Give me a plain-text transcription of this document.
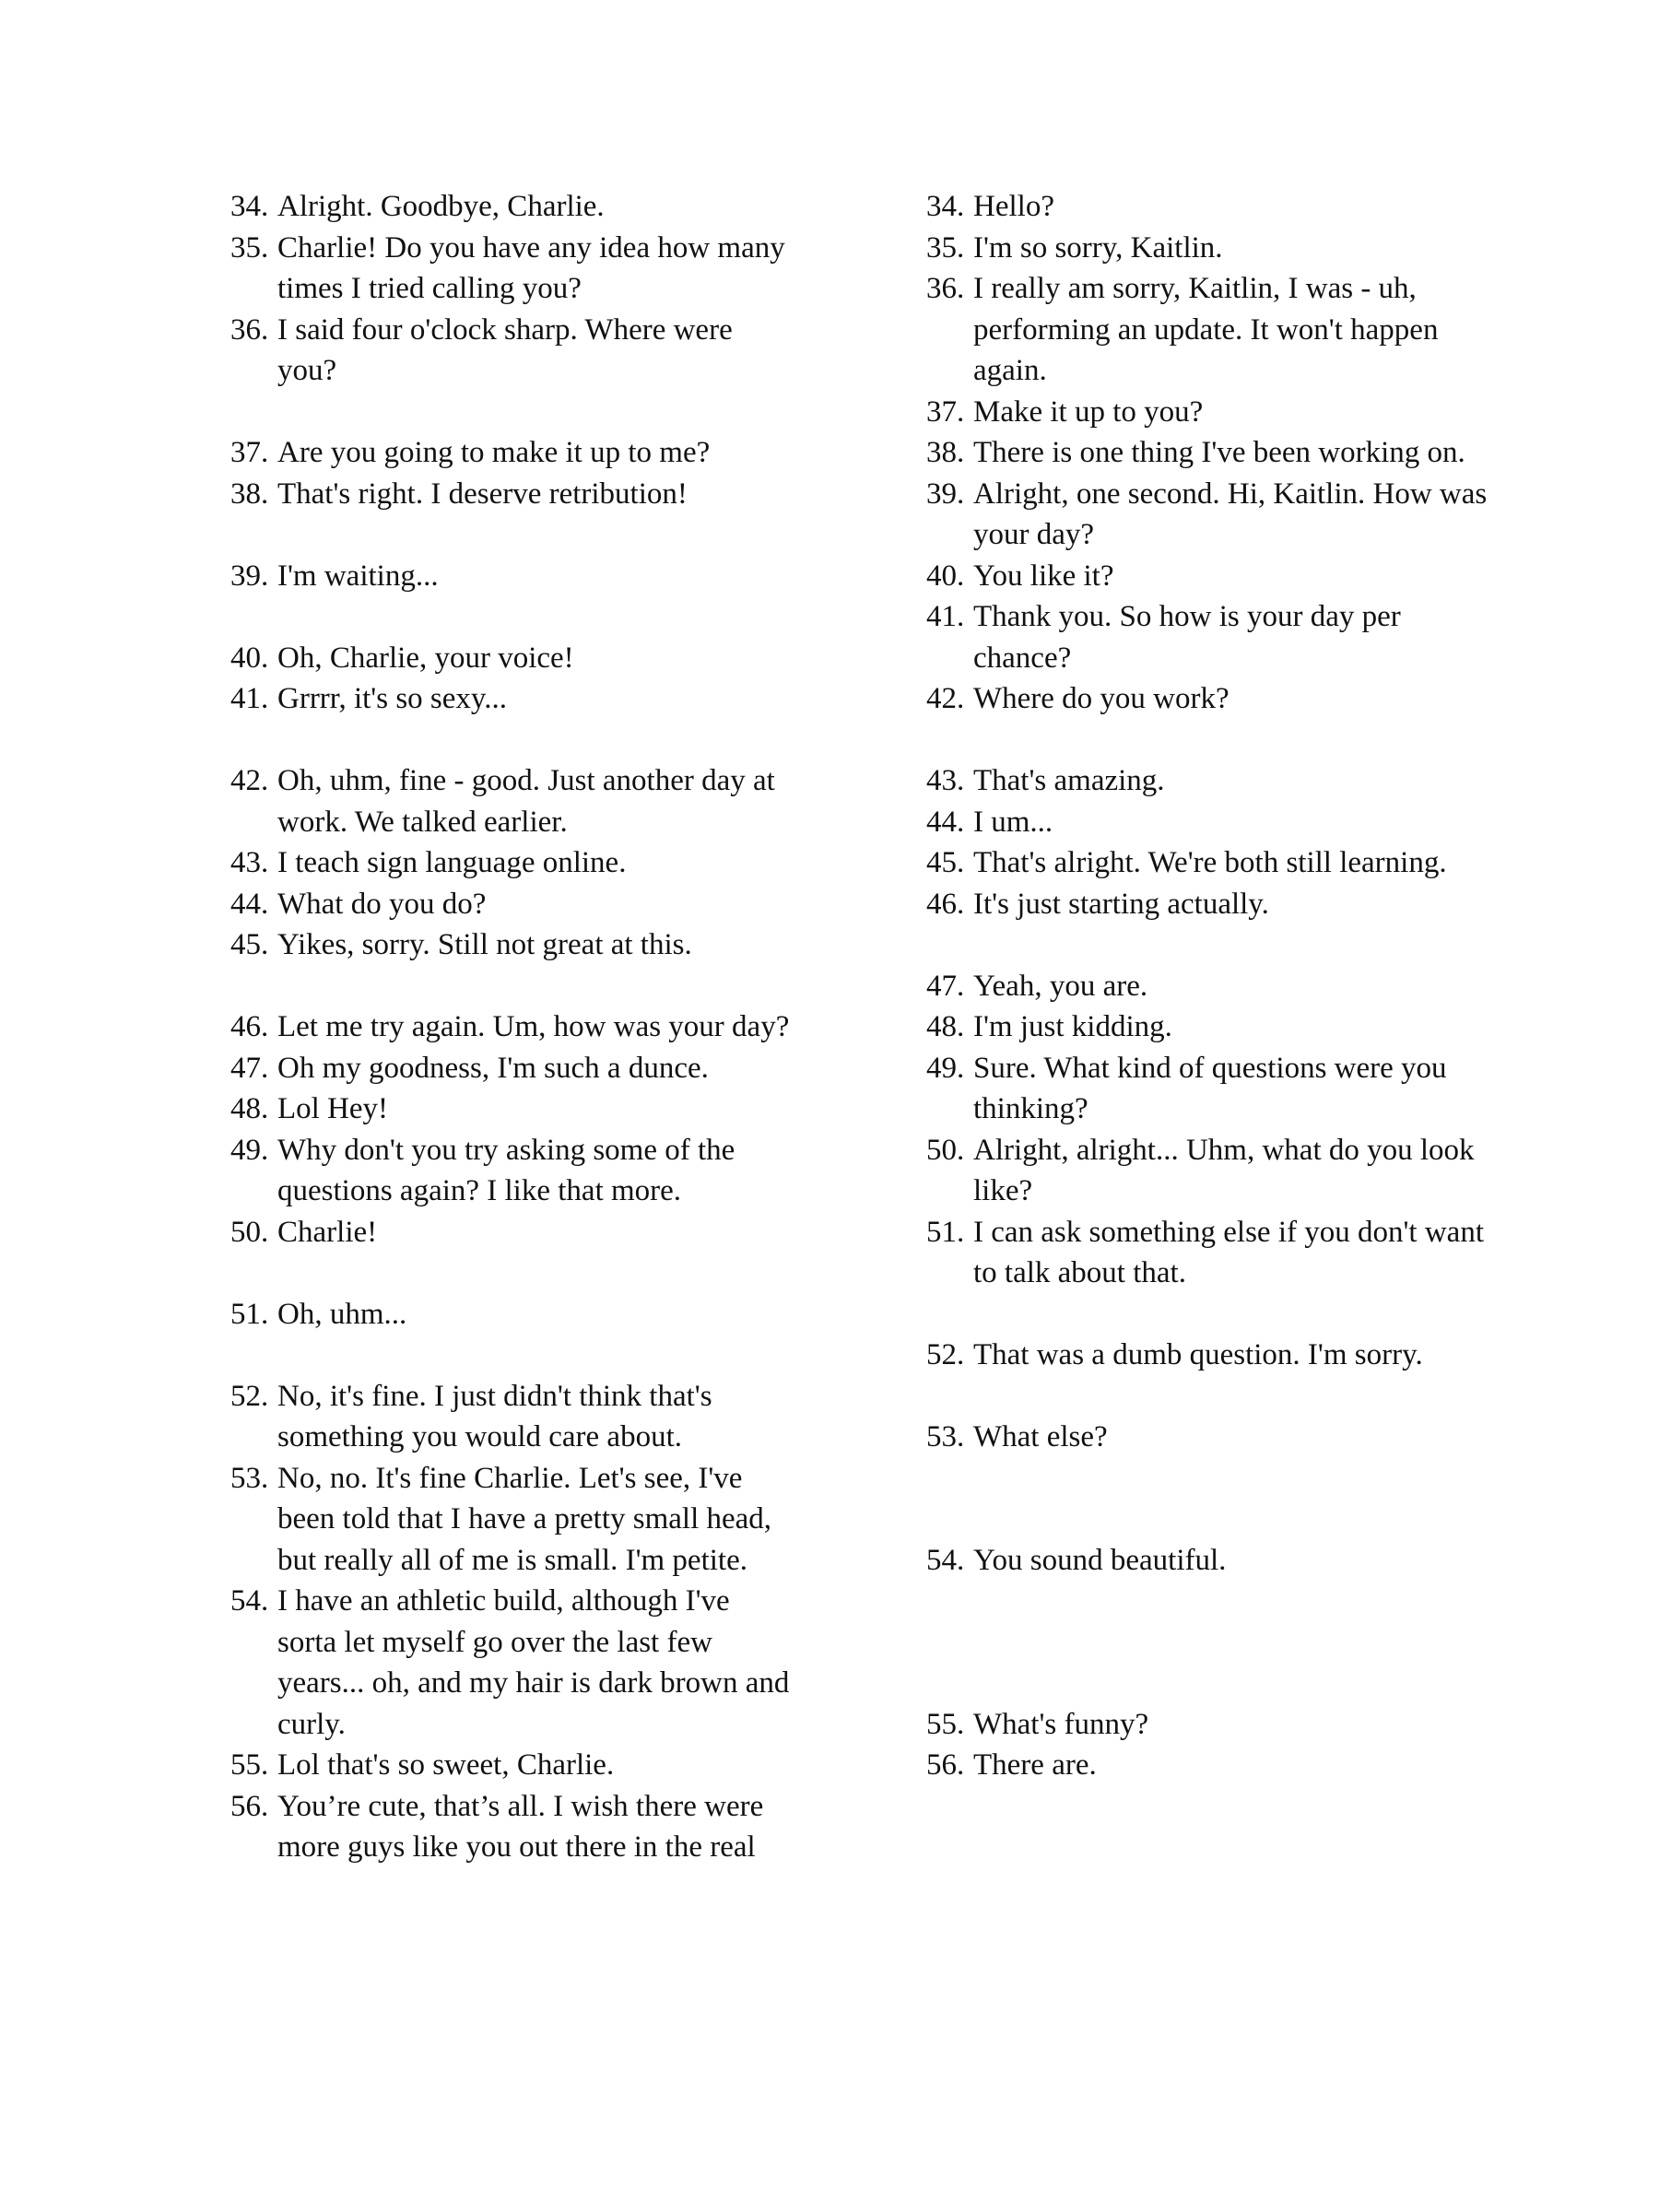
34. Alright. Goodbye, Charlie.
35. Charlie! Do you have any idea how many times I tried calling you?
36. I said four o'clock sharp. Where were you?
37. Are you going to make it up to me?
38. That's right. I deserve retribution!
39. I'm waiting...
40. Oh, Charlie, your voice!
41. Grrrr, it's so sexy...
42. Oh, uhm, fine - good. Just another day at work. We talked earlier.
43. I teach sign language online.
44. What do you do?
45. Yikes, sorry. Still not great at this.
46. Let me try again. Um, how was your day?
47. Oh my goodness, I'm such a dunce.
48. Lol Hey!
49. Why don't you try asking some of the questions again? I like that more.
50. Charlie!
51. Oh, uhm...
52. No, it's fine. I just didn't think that's something you would care about.
53. No, no. It's fine Charlie. Let's see, I've been told that I have a pretty small head, but really all of me is small. I'm petite.
54. I have an athletic build, although I've sorta let myself go over the last few years... oh, and my hair is dark brown and curly.
55. Lol that's so sweet, Charlie.
56. You’re cute, that’s all. I wish there were more guys like you out there in the real
34. Hello?
35. I'm so sorry, Kaitlin.
36. I really am sorry, Kaitlin, I was - uh, performing an update. It won't happen again.
37. Make it up to you?
38. There is one thing I've been working on.
39. Alright, one second. Hi, Kaitlin. How was your day?
40. You like it?
41. Thank you. So how is your day per chance?
42. Where do you work?
43. That's amazing.
44. I um...
45. That's alright. We're both still learning.
46. It's just starting actually.
47. Yeah, you are.
48. I'm just kidding.
49. Sure. What kind of questions were you thinking?
50. Alright, alright... Uhm, what do you look like?
51. I can ask something else if you don't want to talk about that.
52. That was a dumb question. I'm sorry.
53. What else?
54. You sound beautiful.
55. What's funny?
56. There are.
